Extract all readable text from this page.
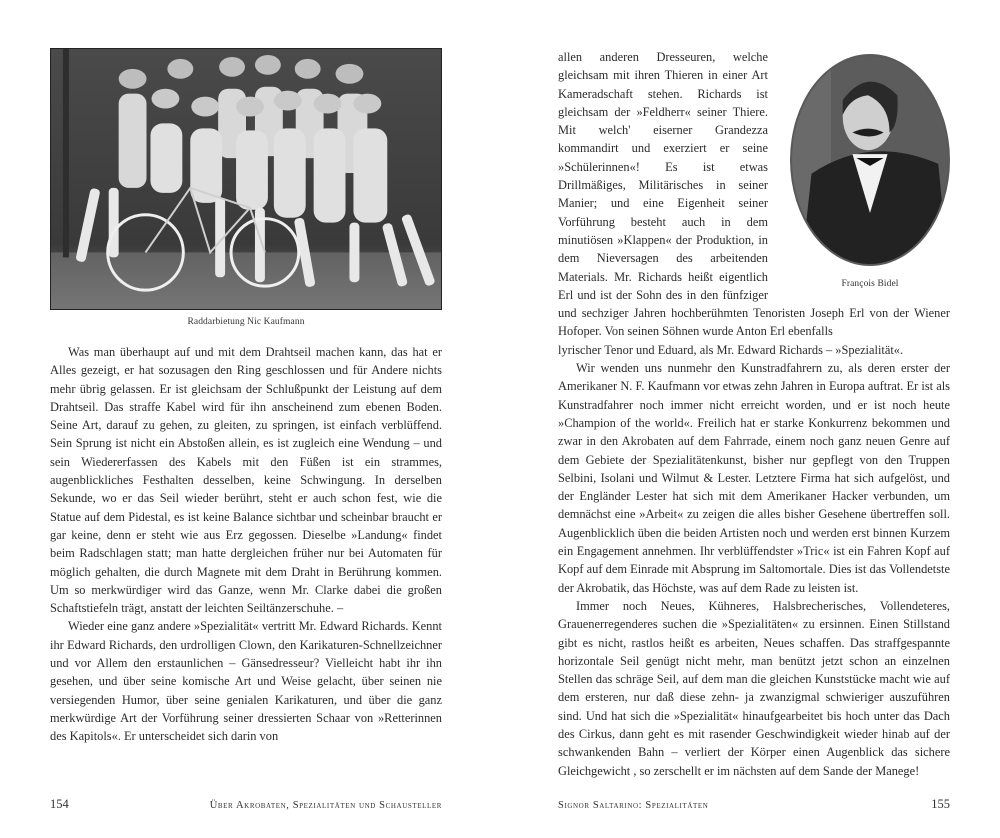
Raddarbietung Nic Kaufmann

Was man überhaupt auf und mit dem Drahtseil machen kann, das hat er Alles gezeigt, er hat sozusagen den Ring geschlossen und für Andere nichts mehr übrig gelassen. Er ist gleichsam der Schlußpunkt der Leistung auf dem Drahtseil. Das straffe Kabel wird für ihn anscheinend zum ebenen Boden. Seine Art, darauf zu gehen, zu gleiten, zu springen, ist einfach verblüffend. Sein Sprung ist nicht ein Abstoßen allein, es ist zugleich eine Wendung – und sein Wiedererfassen des Kabels mit den Füßen ist ein strammes, augenblickliches Festhalten desselben, keine Schwingung. In derselben Sekunde, wo er das Seil wieder berührt, steht er auch schon fest, wie die Statue auf dem Pidestal, es ist keine Balance sichtbar und scheinbar braucht er gar keine, denn er steht wie aus Erz gegossen. Dieselbe »Landung« findet beim Radschlagen statt; man hatte dergleichen früher nur bei Automaten für möglich gehalten, die durch Magnete mit dem Draht in Berührung kommen. Um so merkwürdiger wird das Ganze, wenn Mr. Clarke dabei die großen Schaftstiefeln trägt, anstatt der leichten Seiltänzerschuhe. –

Wieder eine ganz andere »Spezialität« vertritt Mr. Edward Richards. Kennt ihr Edward Richards, den urdrolligen Clown, den Karikaturen-Schnellzeichner und vor Allem den erstaunlichen – Gänsedresseur? Vielleicht habt ihr ihn gesehen, und über seine komische Art und Weise gelacht, über seinen nie versiegenden Humor, über seine genialen Karikaturen, und über die ganz merkwürdige Art der Vorführung seiner dressierten Schaar von »Retterinnen des Kapitols«. Er unterscheidet sich darin von

154	Über Akrobaten, Spezialitäten und Schausteller
François Bidel

allen anderen Dresseuren, welche gleichsam mit ihren Thieren in einer Art Kameradschaft stehen. Richards ist gleichsam der »Feldherr« seiner Thiere. Mit welch' eiserner Grandezza kommandirt und exerziert er seine »Schülerinnen«! Es ist etwas Drillmäßiges, Militärisches in seiner Manier; und eine Eigenheit seiner Vorführung besteht auch in dem minutiösen »Klappen« der Produktion, in dem Nieversagen des arbeitenden Materials. Mr. Richards heißt eigentlich Erl und ist der Sohn des in den fünfziger und sechziger Jahren hochberühmten Tenoristen Joseph Erl von der Wiener Hofoper. Von seinen Söhnen wurde Anton Erl ebenfalls

lyrischer Tenor und Eduard, als Mr. Edward Richards – »Spezialität«.

Wir wenden uns nunmehr den Kunstradfahrern zu, als deren erster der Amerikaner N. F. Kaufmann vor etwas zehn Jahren in Europa auftrat. Er ist als Kunstradfahrer noch immer nicht erreicht worden, und er ist noch heute »Champion of the world«. Freilich hat er starke Konkurrenz bekommen und zwar in den Akrobaten auf dem Fahrrade, einem noch ganz neuen Genre auf dem Gebiete der Spezialitätenkunst, bisher nur gepflegt von den Truppen Selbini, Isolani und Wilmut & Lester. Letztere Firma hat sich aufgelöst, und der Engländer Lester hat sich mit dem Amerikaner Hacker verbunden, um demnächst eine »Arbeit« zu zeigen die alles bisher Gesehene übertreffen soll. Augenblicklich üben die beiden Artisten noch und werden erst binnen Kurzem ein Engagement annehmen. Ihr verblüffendster »Tric« ist ein Fahren Kopf auf Kopf auf dem Einrade mit Absprung im Saltomortale. Dies ist das Vollendetste der Akrobatik, das Höchste, was auf dem Rade zu leisten ist.

Immer noch Neues, Kühneres, Halsbrecherisches, Vollendeteres, Grauenerregenderes suchen die »Spezialitäten« zu ersinnen. Einen Stillstand gibt es nicht, rastlos heißt es arbeiten, Neues schaffen. Das straffgespannte horizontale Seil genügt nicht mehr, man benützt jetzt schon an einzelnen Stellen das schräge Seil, auf dem man die gleichen Kunststücke macht wie auf dem ersteren, nur daß diese zehn- ja zwanzigmal schwieriger auszuführen sind. Und hat sich die »Spezialität« hinaufgearbeitet bis hoch unter das Dach des Cirkus, dann geht es mit rasender Geschwindigkeit wieder hinab auf der schwankenden Bahn – verliert der Körper einen Augenblick das sichere Gleichgewicht , so zerschellt er im nächsten auf dem Sande der Manege!

Signor Saltarino: Spezialitäten	155
